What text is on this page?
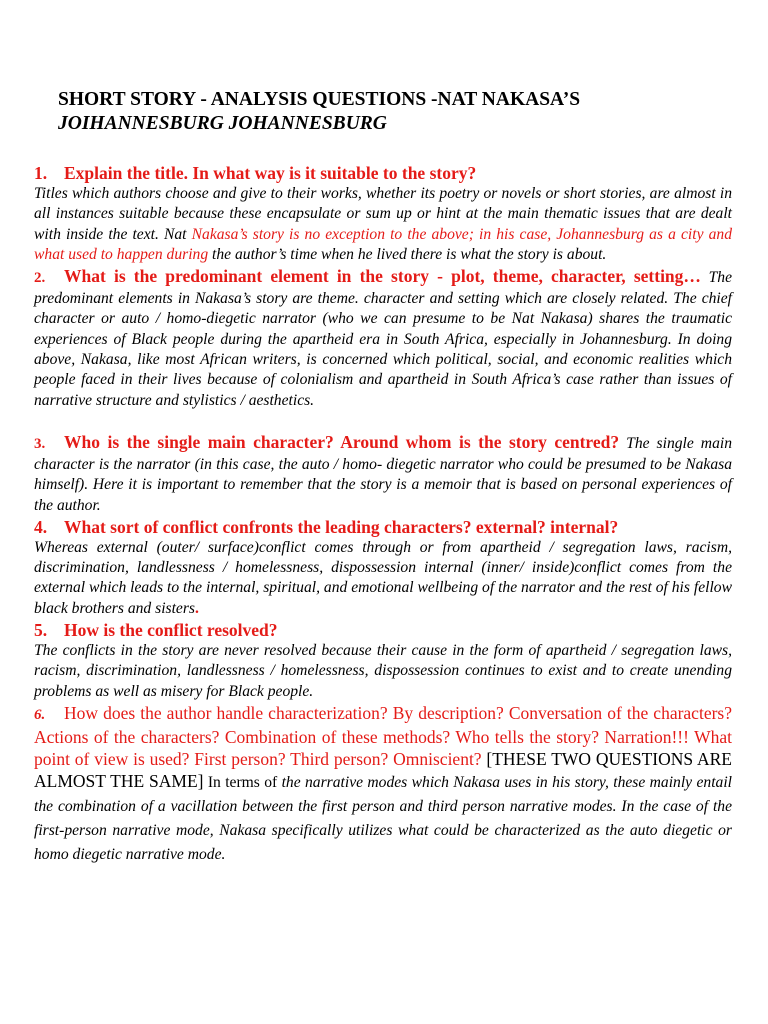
SHORT STORY - ANALYSIS QUESTIONS -NAT NAKASA’S
JOIHANNESBURG JOHANNESBURG
1. Explain the title. In what way is it suitable to the story?

Titles which authors choose and give to their works, whether its poetry or novels or short stories, are almost in all instances suitable because these encapsulate or sum up or hint at the main thematic issues that are dealt with inside the text. Nat Nakasa’s story is no exception to the above; in his case, Johannesburg as a city and what used to happen during the author’s time when he lived there is what the story is about.

2. What is the predominant element in the story - plot, theme, character, setting… The predominant elements in Nakasa’s story are theme. character and setting which are closely related. The chief character or auto / homo-diegetic narrator (who we can presume to be Nat Nakasa) shares the traumatic experiences of Black people during the apartheid era in South Africa, especially in Johannesburg. In doing above, Nakasa, like most African writers, is concerned which political, social, and economic realities which people faced in their lives because of colonialism and apartheid in South Africa’s case rather than issues of narrative structure and stylistics / aesthetics.

3. Who is the single main character? Around whom is the story centred? The single main character is the narrator (in this case, the auto / homo- diegetic narrator who could be presumed to be Nakasa himself). Here it is important to remember that the story is a memoir that is based on personal experiences of the author.

4. What sort of conflict confronts the leading characters? external? internal?

Whereas external (outer/ surface)conflict comes through or from apartheid / segregation laws, racism, discrimination, landlessness / homelessness, dispossession internal (inner/ inside)conflict comes from the external which leads to the internal, spiritual, and emotional wellbeing of the narrator and the rest of his fellow black brothers and sisters.

5. How is the conflict resolved?

The conflicts in the story are never resolved because their cause in the form of apartheid / segregation laws, racism, discrimination, landlessness / homelessness, dispossession continues to exist and to create unending problems as well as misery for Black people.

6. How does the author handle characterization? By description? Conversation of the characters? Actions of the characters? Combination of these methods? Who tells the story? Narration!!! What point of view is used? First person? Third person? Omniscient? [THESE TWO QUESTIONS ARE ALMOST THE SAME] In terms of the narrative modes which Nakasa uses in his story, these mainly entail the combination of a vacillation between the first person and third person narrative modes. In the case of the first-person narrative mode, Nakasa specifically utilizes what could be characterized as the auto diegetic or homo diegetic narrative mode.
